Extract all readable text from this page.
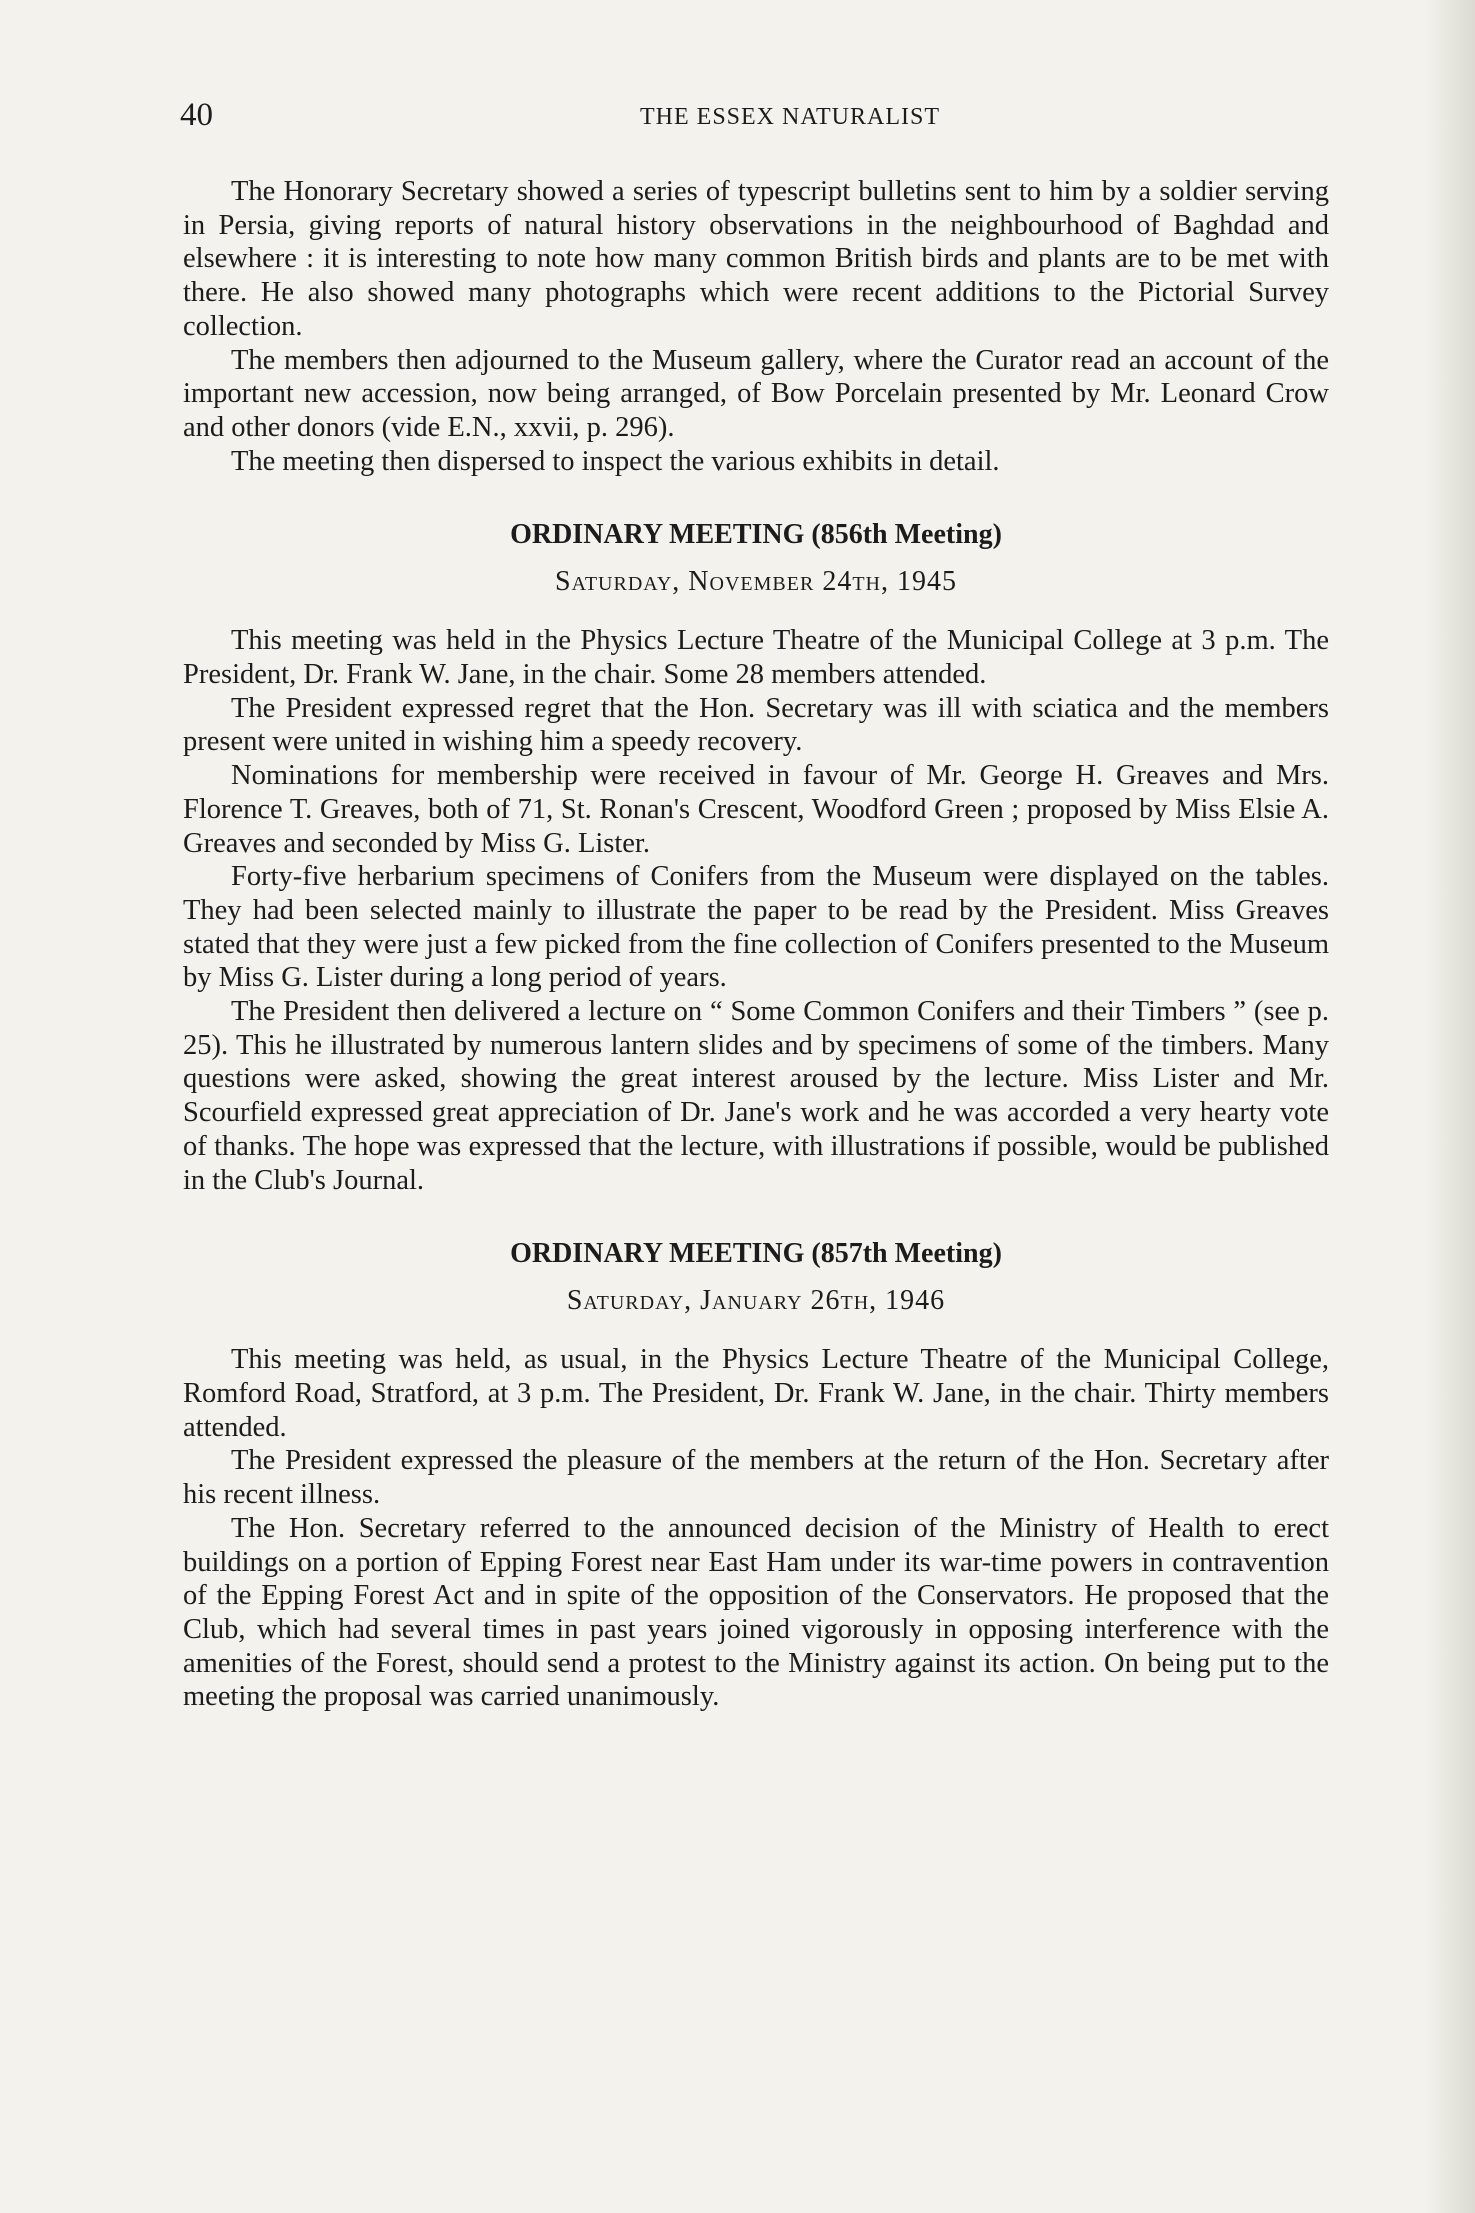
40	THE ESSEX NATURALIST

The Honorary Secretary showed a series of typescript bulletins sent to him by a soldier serving in Persia, giving reports of natural history observations in the neighbourhood of Baghdad and elsewhere : it is interesting to note how many common British birds and plants are to be met with there. He also showed many photographs which were recent additions to the Pictorial Survey collection.

The members then adjourned to the Museum gallery, where the Curator read an account of the important new accession, now being arranged, of Bow Porcelain presented by Mr. Leonard Crow and other donors (vide E.N., xxvii, p. 296).

The meeting then dispersed to inspect the various exhibits in detail.

ORDINARY MEETING (856th Meeting)
Saturday, November 24th, 1945

This meeting was held in the Physics Lecture Theatre of the Municipal College at 3 p.m. The President, Dr. Frank W. Jane, in the chair. Some 28 members attended.

The President expressed regret that the Hon. Secretary was ill with sciatica and the members present were united in wishing him a speedy recovery.

Nominations for membership were received in favour of Mr. George H. Greaves and Mrs. Florence T. Greaves, both of 71, St. Ronan's Crescent, Woodford Green ; proposed by Miss Elsie A. Greaves and seconded by Miss G. Lister.

Forty-five herbarium specimens of Conifers from the Museum were displayed on the tables. They had been selected mainly to illustrate the paper to be read by the President. Miss Greaves stated that they were just a few picked from the fine collection of Conifers presented to the Museum by Miss G. Lister during a long period of years.

The President then delivered a lecture on “ Some Common Conifers and their Timbers ” (see p. 25). This he illustrated by numerous lantern slides and by specimens of some of the timbers. Many questions were asked, showing the great interest aroused by the lecture. Miss Lister and Mr. Scourfield expressed great appreciation of Dr. Jane's work and he was accorded a very hearty vote of thanks. The hope was expressed that the lecture, with illustrations if possible, would be published in the Club's Journal.

ORDINARY MEETING (857th Meeting)
Saturday, January 26th, 1946

This meeting was held, as usual, in the Physics Lecture Theatre of the Municipal College, Romford Road, Stratford, at 3 p.m. The President, Dr. Frank W. Jane, in the chair. Thirty members attended.

The President expressed the pleasure of the members at the return of the Hon. Secretary after his recent illness.

The Hon. Secretary referred to the announced decision of the Ministry of Health to erect buildings on a portion of Epping Forest near East Ham under its war-time powers in contravention of the Epping Forest Act and in spite of the opposition of the Conservators. He proposed that the Club, which had several times in past years joined vigorously in opposing interference with the amenities of the Forest, should send a protest to the Ministry against its action. On being put to the meeting the proposal was carried unanimously.
